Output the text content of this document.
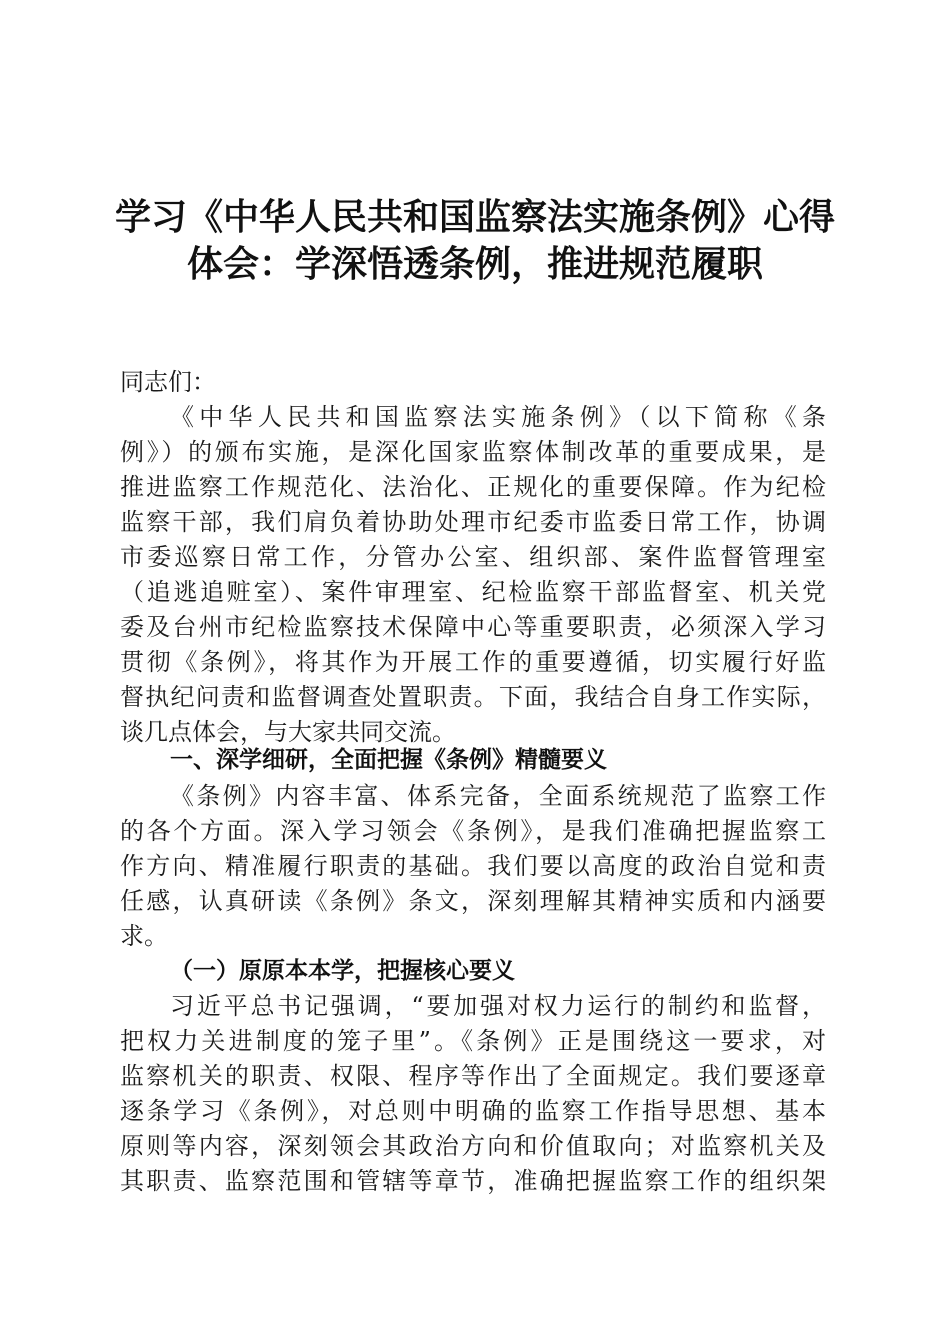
学习《中华人民共和国监察法实施条例》心得
体会：学深悟透条例，推进规范履职
同志们：
《中华人民共和国监察法实施条例》（以下简称《条
例》）的颁布实施，是深化国家监察体制改革的重要成果，是
推进监察工作规范化、法治化、正规化的重要保障。作为纪检
监察干部，我们肩负着协助处理市纪委市监委日常工作，协调
市委巡察日常工作，分管办公室、组织部、案件监督管理室
（追逃追赃室）、案件审理室、纪检监察干部监督室、机关党
委及台州市纪检监察技术保障中心等重要职责，必须深入学习
贯彻《条例》，将其作为开展工作的重要遵循，切实履行好监
督执纪问责和监督调查处置职责。下面，我结合自身工作实际，
谈几点体会，与大家共同交流。
一、深学细研，全面把握《条例》精髓要义
《条例》内容丰富、体系完备，全面系统规范了监察工作
的各个方面。深入学习领会《条例》，是我们准确把握监察工
作方向、精准履行职责的基础。我们要以高度的政治自觉和责
任感，认真研读《条例》条文，深刻理解其精神实质和内涵要
求。
（一）原原本本学，把握核心要义
习近平总书记强调，“要加强对权力运行的制约和监督，
把权力关进制度的笼子里”。《条例》正是围绕这一要求，对
监察机关的职责、权限、程序等作出了全面规定。我们要逐章
逐条学习《条例》，对总则中明确的监察工作指导思想、基本
原则等内容，深刻领会其政治方向和价值取向；对监察机关及
其职责、监察范围和管辖等章节，准确把握监察工作的组织架
